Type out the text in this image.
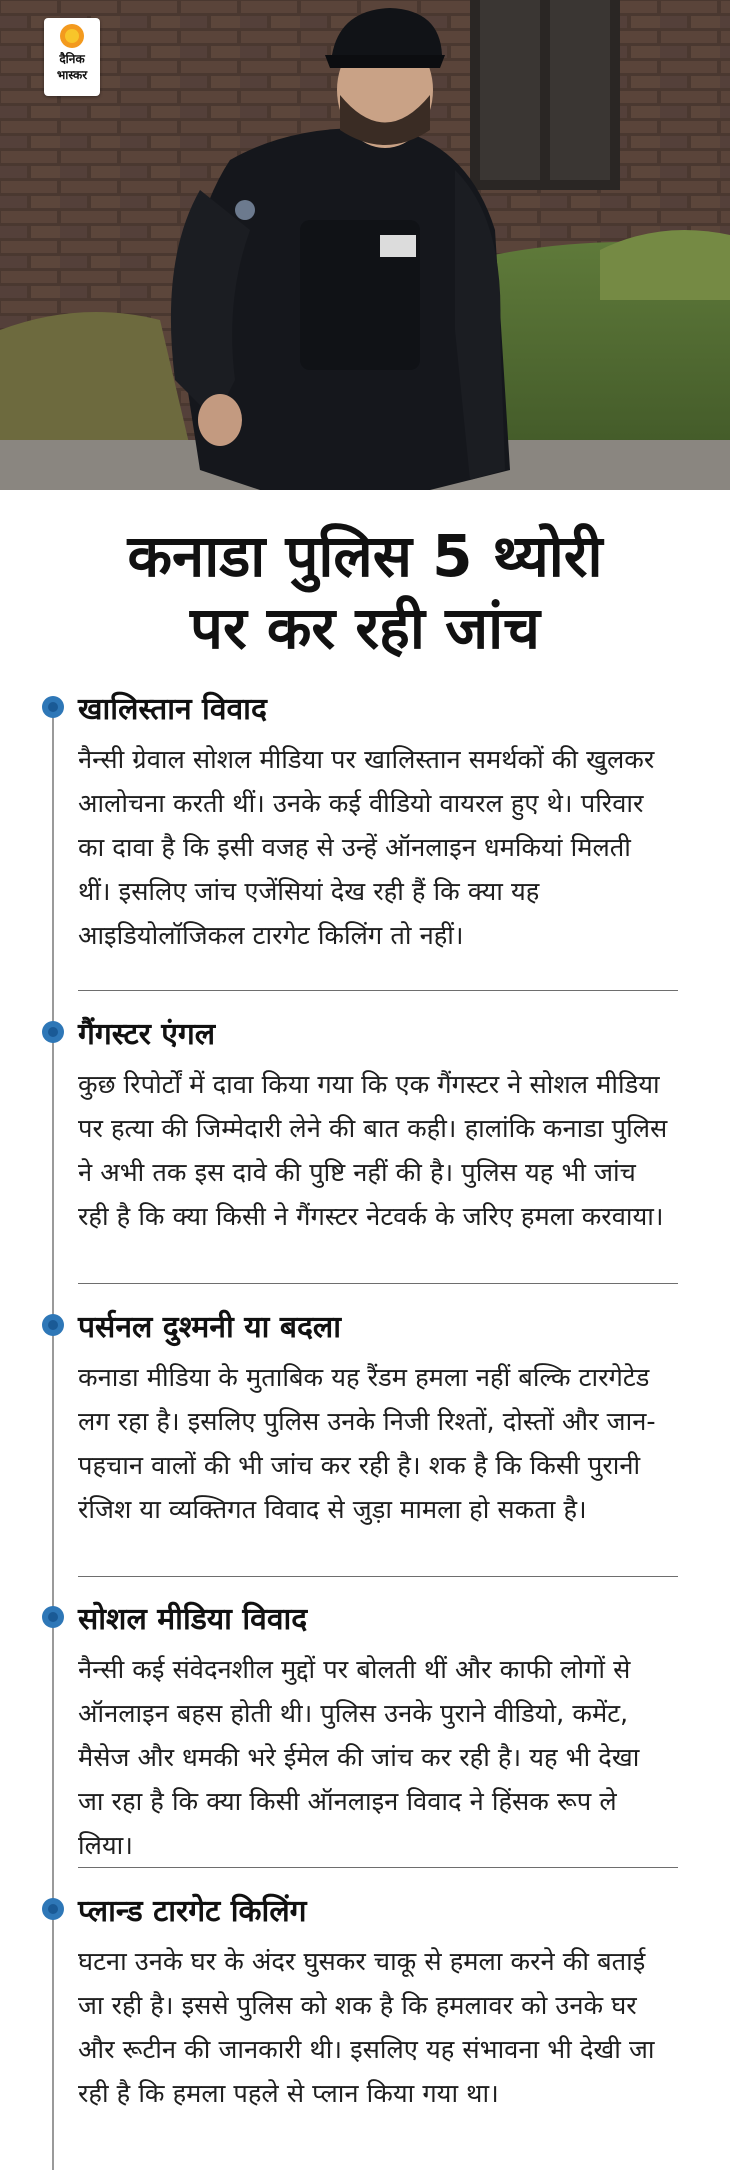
दैनिक
भास्कर
कनाडा पुलिस 5 थ्योरी
पर कर रही जांच
खालिस्तान विवाद
नैन्सी ग्रेवाल सोशल मीडिया पर खालिस्तान समर्थकों की खुलकर आलोचना करती थीं। उनके कई वीडियो वायरल हुए थे। परिवार का दावा है कि इसी वजह से उन्हें ऑनलाइन धमकियां मिलती थीं। इसलिए जांच एजेंसियां देख रही हैं कि क्या यह आइडियोलॉजिकल टारगेट किलिंग तो नहीं।
गैंगस्टर एंगल
कुछ रिपोर्टों में दावा किया गया कि एक गैंगस्टर ने सोशल मीडिया पर हत्या की जिम्मेदारी लेने की बात कही। हालांकि कनाडा पुलिस ने अभी तक इस दावे की पुष्टि नहीं की है। पुलिस यह भी जांच रही है कि क्या किसी ने गैंगस्टर नेटवर्क के जरिए हमला करवाया।
पर्सनल दुश्मनी या बदला
कनाडा मीडिया के मुताबिक यह रैंडम हमला नहीं बल्कि टारगेटेड लग रहा है। इसलिए पुलिस उनके निजी रिश्तों, दोस्तों और जान-पहचान वालों की भी जांच कर रही है। शक है कि किसी पुरानी रंजिश या व्यक्तिगत विवाद से जुड़ा मामला हो सकता है।
सोशल मीडिया विवाद
नैन्सी कई संवेदनशील मुद्दों पर बोलती थीं और काफी लोगों से ऑनलाइन बहस होती थी। पुलिस उनके पुराने वीडियो, कमेंट, मैसेज और धमकी भरे ईमेल की जांच कर रही है। यह भी देखा जा रहा है कि क्या किसी ऑनलाइन विवाद ने हिंसक रूप ले लिया।
प्लान्ड टारगेट किलिंग
घटना उनके घर के अंदर घुसकर चाकू से हमला करने की बताई जा रही है। इससे पुलिस को शक है कि हमलावर को उनके घर और रूटीन की जानकारी थी। इसलिए यह संभावना भी देखी जा रही है कि हमला पहले से प्लान किया गया था।
